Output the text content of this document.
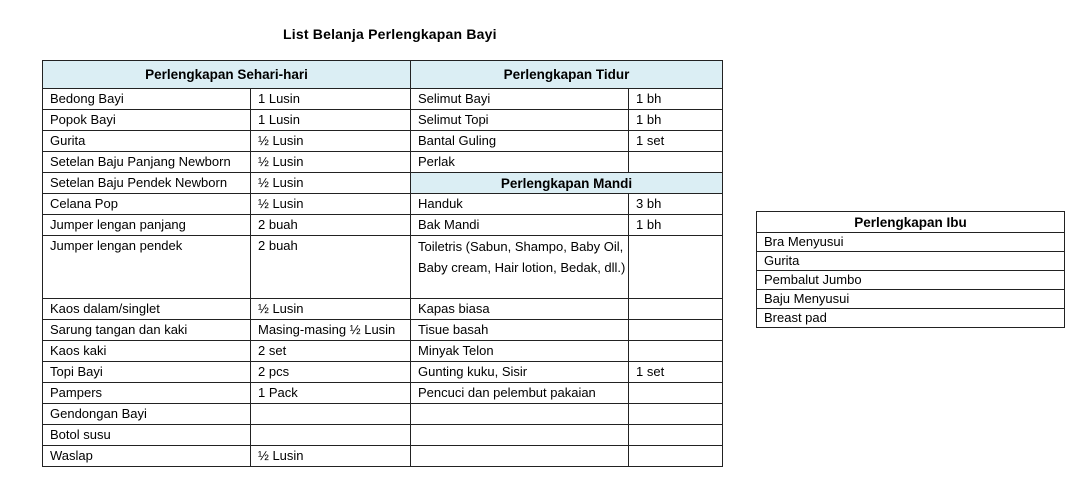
List Belanja Perlengkapan Bayi
Perlengkapan Sehari-hari		Perlengkapan Tidur	
Bedong Bayi	1 Lusin	Selimut Bayi	1 bh
Popok Bayi	1 Lusin	Selimut Topi	1 bh
Gurita	½ Lusin	Bantal Guling	1 set
Setelan Baju Panjang Newborn	½ Lusin	Perlak	
Setelan Baju Pendek Newborn	½ Lusin	Perlengkapan Mandi	
Celana Pop	½ Lusin	Handuk	3 bh
Jumper lengan panjang	2 buah	Bak Mandi	1 bh
Jumper lengan pendek	2 buah	Toiletris (Sabun, Shampo, Baby Oil, Baby cream, Hair lotion, Bedak, dll.)	
Kaos dalam/singlet	½ Lusin	Kapas biasa	
Sarung tangan dan kaki	Masing-masing ½ Lusin	Tisue basah	
Kaos kaki	2 set	Minyak Telon	
Topi Bayi	2 pcs	Gunting kuku, Sisir	1 set
Pampers	1 Pack	Pencuci dan pelembut pakaian	
Gendongan Bayi			
Botol susu			
Waslap	½ Lusin		
Perlengkapan Ibu
Bra Menyusui
Gurita
Pembalut Jumbo
Baju Menyusui
Breast pad
